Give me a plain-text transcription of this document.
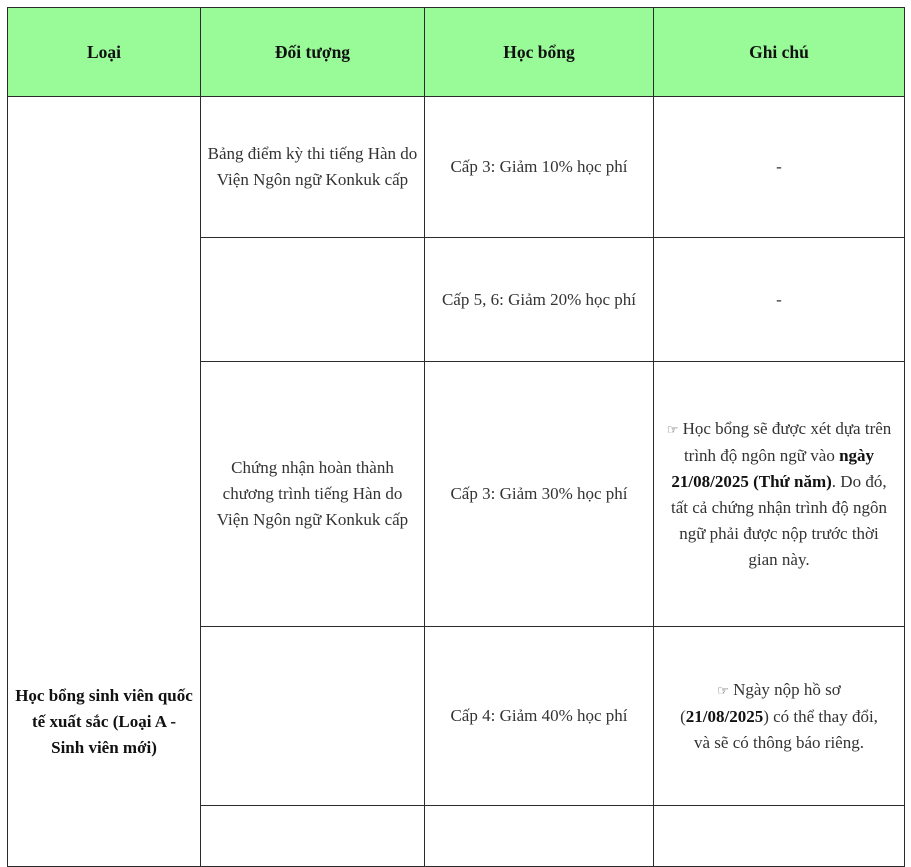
Loại	Đối tượng	Học bổng	Ghi chú
Học bổng sinh viên quốc tế xuất sắc (Loại A - Sinh viên mới)	Bảng điểm kỳ thi tiếng Hàn do Viện Ngôn ngữ Konkuk cấp	Cấp 3: Giảm 10% học phí	-
		Cấp 5, 6: Giảm 20% học phí	-
	Chứng nhận hoàn thành chương trình tiếng Hàn do Viện Ngôn ngữ Konkuk cấp	Cấp 3: Giảm 30% học phí	☞ Học bổng sẽ được xét dựa trên trình độ ngôn ngữ vào ngày 21/08/2025 (Thứ năm). Do đó, tất cả chứng nhận trình độ ngôn ngữ phải được nộp trước thời gian này.
		Cấp 4: Giảm 40% học phí	☞ Ngày nộp hồ sơ (21/08/2025) có thể thay đổi, và sẽ có thông báo riêng.
